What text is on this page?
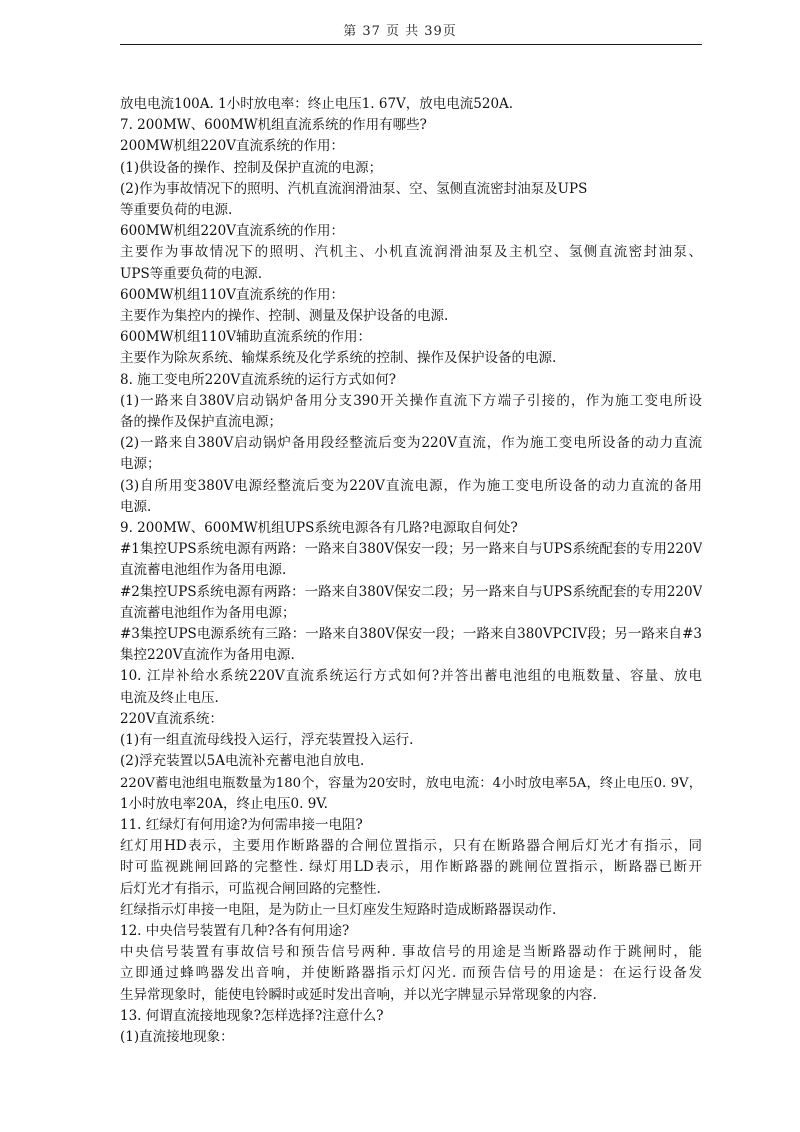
第 37 页 共 39页
放电电流100A. 1小时放电率：终止电压1. 67V，放电电流520A.
7. 200MW、600MW机组直流系统的作用有哪些?
200MW机组220V直流系统的作用：
(1)供设备的操作、控制及保护直流的电源；
(2)作为事故情况下的照明、汽机直流润滑油泵、空、氢侧直流密封油泵及UPS
等重要负荷的电源.
600MW机组220V直流系统的作用：
主要作为事故情况下的照明、汽机主、小机直流润滑油泵及主机空、氢侧直流密封油泵、
UPS等重要负荷的电源.
600MW机组110V直流系统的作用：
主要作为集控内的操作、控制、测量及保护设备的电源.
600MW机组110V辅助直流系统的作用：
主要作为除灰系统、输煤系统及化学系统的控制、操作及保护设备的电源.
8. 施工变电所220V直流系统的运行方式如何?
(1)一路来自380V启动锅炉备用分支390开关操作直流下方端子引接的，作为施工变电所设
备的操作及保护直流电源；
(2)一路来自380V启动锅炉备用段经整流后变为220V直流，作为施工变电所设备的动力直流
电源；
(3)自所用变380V电源经整流后变为220V直流电源，作为施工变电所设备的动力直流的备用
电源.
9. 200MW、600MW机组UPS系统电源各有几路?电源取自何处?
#1集控UPS系统电源有两路：一路来自380V保安一段；另一路来自与UPS系统配套的专用220V
直流蓄电池组作为备用电源.
#2集控UPS系统电源有两路：一路来自380V保安二段；另一路来自与UPS系统配套的专用220V
直流蓄电池组作为备用电源；
#3集控UPS电源系统有三路：一路来自380V保安一段；一路来自380VPCIV段；另一路来自#3
集控220V直流作为备用电源.
10. 江岸补给水系统220V直流系统运行方式如何?并答出蓄电池组的电瓶数量、容量、放电
电流及终止电压.
220V直流系统：
(1)有一组直流母线投入运行，浮充装置投入运行.
(2)浮充装置以5A电流补充蓄电池自放电.
220V蓄电池组电瓶数量为180个，容量为20安时，放电电流：4小时放电率5A，终止电压0. 9V，
1小时放电率20A，终止电压0. 9V.
11. 红绿灯有何用途?为何需串接一电阻?
红灯用HD表示，主要用作断路器的合闸位置指示，只有在断路器合闸后灯光才有指示，同
时可监视跳闸回路的完整性. 绿灯用LD表示，用作断路器的跳闸位置指示，断路器已断开
后灯光才有指示，可监视合闸回路的完整性.
红绿指示灯串接一电阻，是为防止一旦灯座发生短路时造成断路器误动作.
12. 中央信号装置有几种?各有何用途?
中央信号装置有事故信号和预告信号两种. 事故信号的用途是当断路器动作于跳闸时，能
立即通过蜂鸣器发出音响，并使断路器指示灯闪光. 而预告信号的用途是：在运行设备发
生异常现象时，能使电铃瞬时或延时发出音响，并以光字牌显示异常现象的内容.
13. 何谓直流接地现象?怎样选择?注意什么?
(1)直流接地现象：
